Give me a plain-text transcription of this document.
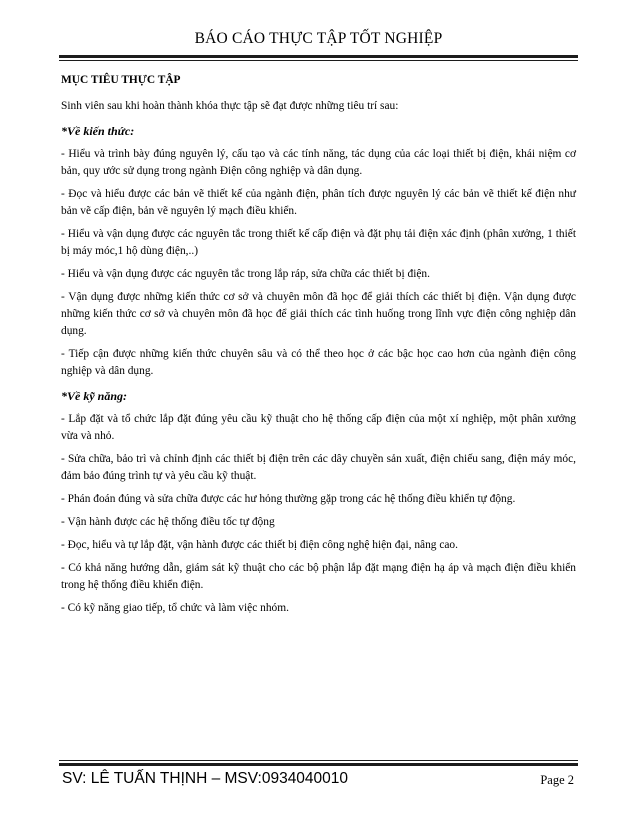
BÁO CÁO THỰC TẬP TỐT NGHIỆP

MỤC TIÊU THỰC TẬP

Sinh viên sau khi hoàn thành khóa thực tập sẽ đạt được những tiêu trí sau:

*Về kiến thức:

- Hiểu và trình bày đúng nguyên lý, cấu tạo và các tính năng, tác dụng của các loại thiết bị điện, khái niệm cơ bản, quy ước sử dụng trong ngành Điện công nghiệp và dân dụng.

- Đọc và hiểu được các bản vẽ thiết kế của ngành điện, phân tích được nguyên lý các bản vẽ thiết kế điện như bản vẽ cấp điện, bản vẽ nguyên lý mạch điều khiển.

- Hiểu và vận dụng được các nguyên tắc trong thiết kế cấp điện và đặt phụ tải điện xác định (phân xưởng, 1 thiết bị máy móc,1 hộ dùng điện,..)

- Hiểu và vận dụng được các nguyên tắc trong lắp ráp, sửa chữa các thiết bị điện.

- Vận dụng được những kiến thức cơ sở và chuyên môn đã học để giải thích các thiết bị điện. Vận dụng được những kiến thức cơ sở và chuyên môn đã học để giải thích các tình huống trong lĩnh vực điện công nghiệp dân dụng.

- Tiếp cận được những kiến thức chuyên sâu và có thể theo học ở các bậc học cao hơn của ngành điện công nghiệp và dân dụng.

*Về kỹ năng:

- Lắp đặt và tổ chức lắp đặt đúng yêu cầu kỹ thuật cho hệ thống cấp điện của một xí nghiệp, một phân xưởng vừa và nhỏ.

- Sửa chữa, bảo trì và chỉnh định các thiết bị điện trên các dây chuyền sản xuất, điện chiếu sang, điện máy móc, đảm bảo đúng trình tự và yêu cầu kỹ thuật.

- Phán đoán đúng và sửa chữa được các hư hỏng thường gặp trong các hệ thống điều khiển tự động.

- Vận hành được các hệ thống điều tốc tự động

- Đọc, hiểu và tự lắp đặt, vận hành được các thiết bị điện công nghệ hiện đại, nâng cao.

- Có khả năng hướng dẫn, giám sát kỹ thuật cho các bộ phận lắp đặt mạng điện hạ áp và mạch điện điều khiển trong hệ thống điều khiển điện.

- Có kỹ năng giao tiếp, tổ chức và làm việc nhóm.

SV: LÊ TUẤN THỊNH – MSV:0934040010	Page 2
